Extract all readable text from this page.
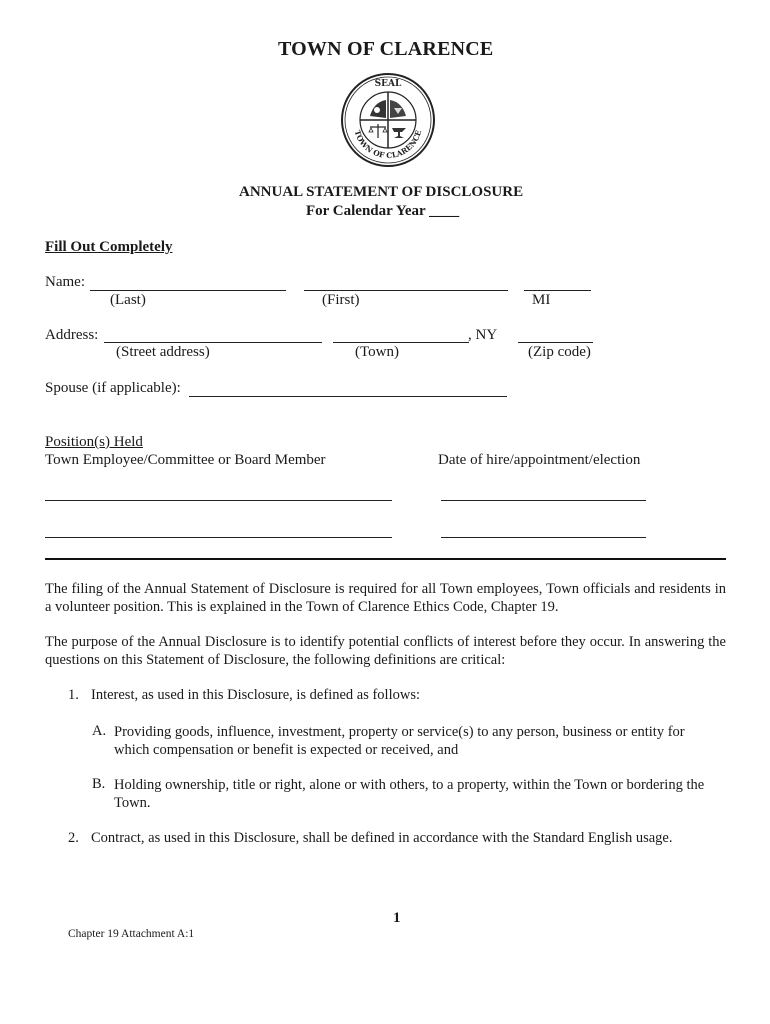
TOWN OF CLARENCE
SEAL
TOWN OF CLARENCE
ANNUAL STATEMENT OF DISCLOSURE
For Calendar Year ____
Fill Out Completely
Name:
(Last)	(First)	MI
Address:	, NY
(Street address)	(Town)	(Zip code)
Spouse (if applicable):
Position(s) Held
Town Employee/Committee or Board Member	Date of hire/appointment/election
The filing of the Annual Statement of Disclosure is required for all Town employees, Town officials and residents in a volunteer position. This is explained in the Town of Clarence Ethics Code, Chapter 19.
The purpose of the Annual Disclosure is to identify potential conflicts of interest before they occur. In answering the questions on this Statement of Disclosure, the following definitions are critical:
1. Interest, as used in this Disclosure, is defined as follows:
A. Providing goods, influence, investment, property or service(s) to any person, business or entity for which compensation or benefit is expected or received, and
B. Holding ownership, title or right, alone or with others, to a property, within the Town or bordering the Town.
2. Contract, as used in this Disclosure, shall be defined in accordance with the Standard English usage.
1
Chapter 19 Attachment A:1
